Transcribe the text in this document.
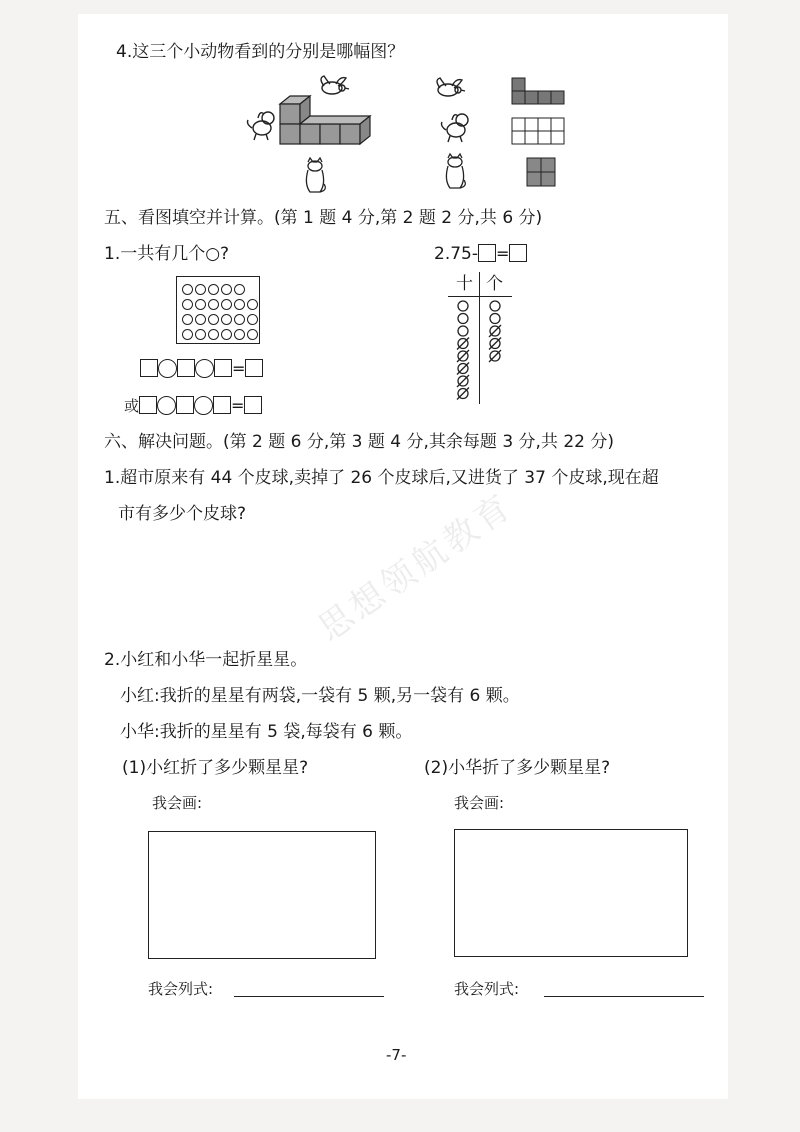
思想领航教育
4.这三个小动物看到的分别是哪幅图？
五、看图填空并计算。(第 1 题 4 分,第 2 题 2 分,共 6 分)
1.一共有几个○?
=
或	=
2.75- =
十 个
六、解决问题。(第 2 题 6 分,第 3 题 4 分,其余每题 3 分,共 22 分)
1.超市原来有 44 个皮球,卖掉了 26 个皮球后,又进货了 37 个皮球,现在超
市有多少个皮球?
2.小红和小华一起折星星。
小红:我折的星星有两袋,一袋有 5 颗,另一袋有 6 颗。
小华:我折的星星有 5 袋,每袋有 6 颗。
(1)小红折了多少颗星星?	(2)小华折了多少颗星星?
我会画:	我会画:
我会列式:	我会列式:
-7-
